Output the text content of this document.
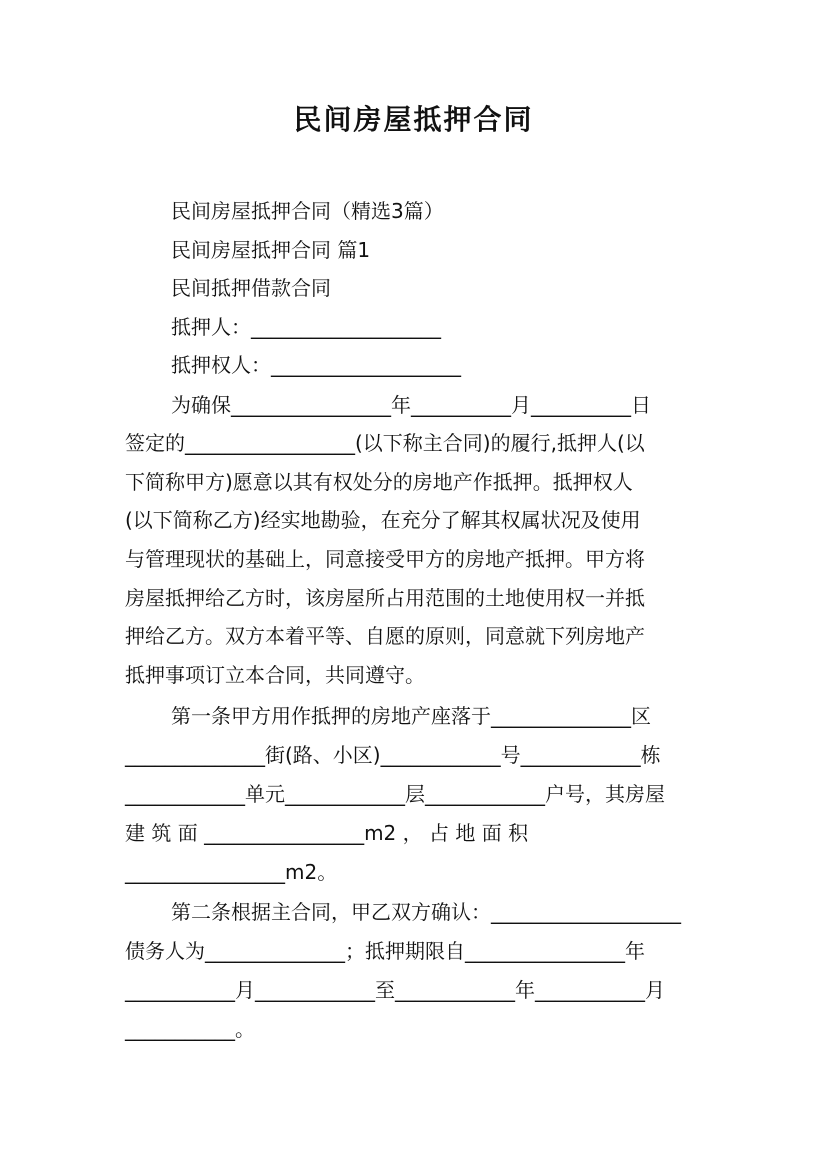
民间房屋抵押合同
民间房屋抵押合同（精选3篇）
民间房屋抵押合同 篇1
民间抵押借款合同
抵押人：___________________
抵押权人：___________________
为确保________________年__________月__________日
签定的_________________(以下称主合同)的履行,抵押人(以
下简称甲方)愿意以其有权处分的房地产作抵押。抵押权人
(以下简称乙方)经实地勘验，在充分了解其权属状况及使用
与管理现状的基础上，同意接受甲方的房地产抵押。甲方将
房屋抵押给乙方时，该房屋所占用范围的土地使用权一并抵
押给乙方。双方本着平等、自愿的原则，同意就下列房地产
抵押事项订立本合同，共同遵守。
第一条甲方用作抵押的房地产座落于______________区
______________街(路、小区)____________号____________栋
____________单元____________层____________户号，其房屋
建 筑 面 ________________m2 ， 占 地 面 积
________________m2。
第二条根据主合同，甲乙双方确认：___________________
债务人为______________；抵押期限自________________年
___________月____________至____________年___________月
___________。
